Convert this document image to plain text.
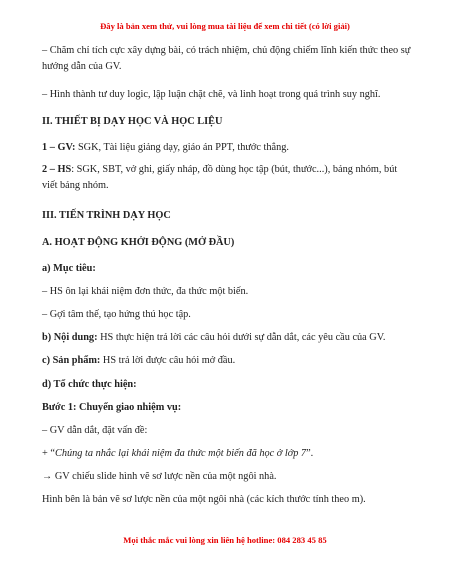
Đây là bản xem thử, vui lòng mua tài liệu để xem chi tiết (có lời giải)
– Chăm chỉ tích cực xây dựng bài, có trách nhiệm, chủ động chiếm lĩnh kiến thức theo sự hướng dẫn của GV.
– Hình thành tư duy logic, lập luận chặt chẽ, và linh hoạt trong quá trình suy nghĩ.
II. THIẾT BỊ DẠY HỌC VÀ HỌC LIỆU
1 – GV: SGK, Tài liệu giảng dạy, giáo án PPT, thước thẳng.
2 – HS: SGK, SBT, vở ghi, giấy nháp, đồ dùng học tập (bút, thước...), bảng nhóm, bút viết bảng nhóm.
III. TIẾN TRÌNH DẠY HỌC
A. HOẠT ĐỘNG KHỞI ĐỘNG (MỞ ĐẦU)
a) Mục tiêu:
– HS ôn lại khái niệm đơn thức, đa thức một biến.
– Gợi tâm thế, tạo hứng thú học tập.
b) Nội dung: HS thực hiện trả lời các câu hỏi dưới sự dẫn dắt, các yêu cầu của GV.
c) Sản phẩm: HS trả lời được câu hỏi mở đầu.
d) Tổ chức thực hiện:
Bước 1: Chuyển giao nhiệm vụ:
– GV dẫn dắt, đặt vấn đề:
+ “Chúng ta nhắc lại khái niệm đa thức một biến đã học ở lớp 7”.
→ GV chiếu slide hình vẽ sơ lược nền của một ngôi nhà.
Hình bên là bản vẽ sơ lược nền của một ngôi nhà (các kích thước tính theo m).
Mọi thắc mắc vui lòng xin liên hệ hotline: 084 283 45 85
